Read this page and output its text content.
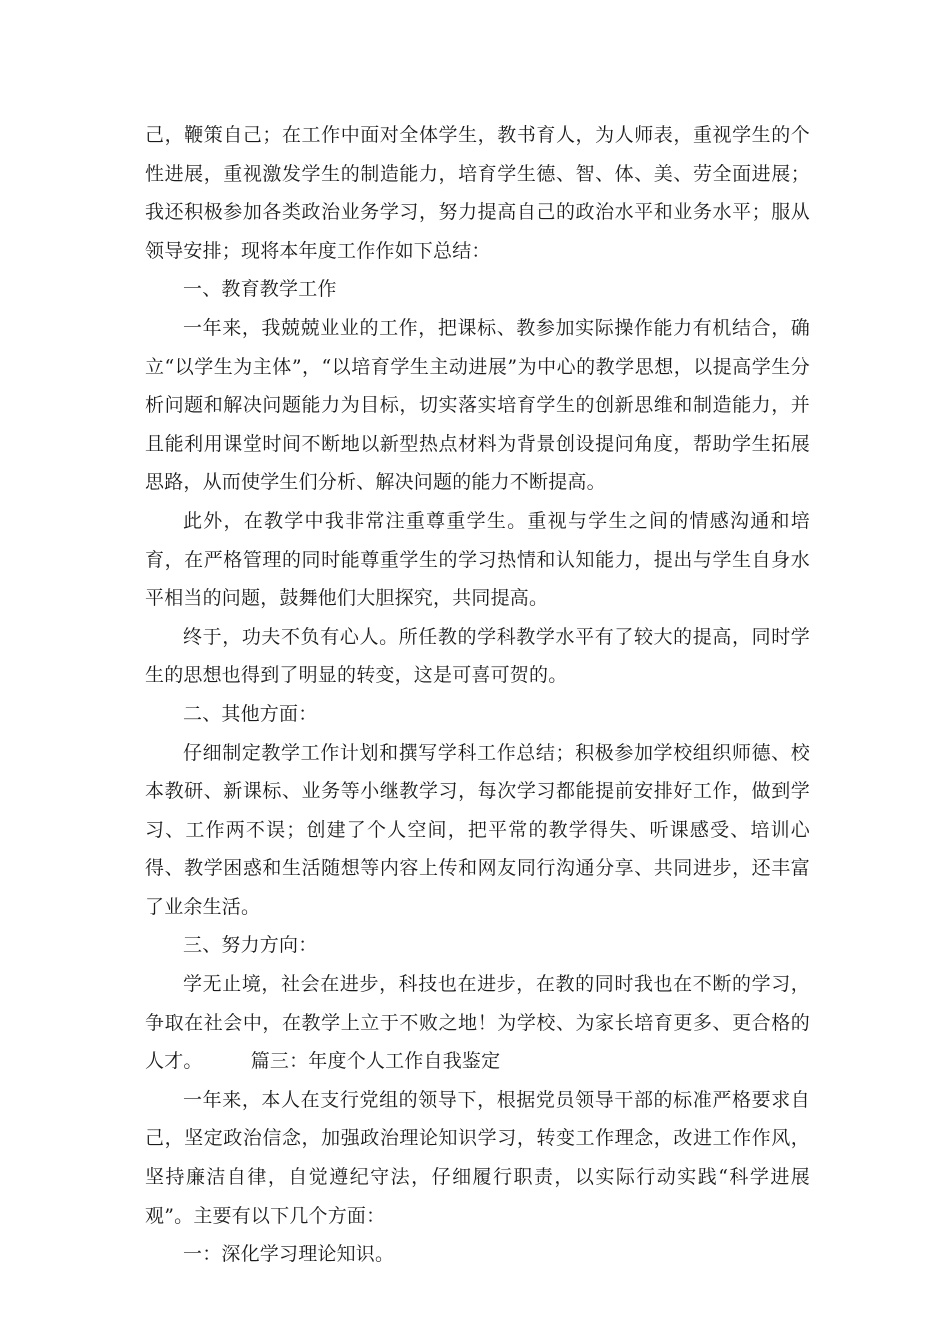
己，鞭策自己；在工作中面对全体学生，教书育人，为人师表，重视学生的个性进展，重视激发学生的制造能力，培育学生德、智、体、美、劳全面进展；我还积极参加各类政治业务学习，努力提高自己的政治水平和业务水平；服从领导安排；现将本年度工作作如下总结：

一、教育教学工作

一年来，我兢兢业业的工作，把课标、教参加实际操作能力有机结合，确立“以学生为主体”，“以培育学生主动进展”为中心的教学思想，以提高学生分析问题和解决问题能力为目标，切实落实培育学生的创新思维和制造能力，并且能利用课堂时间不断地以新型热点材料为背景创设提问角度，帮助学生拓展思路，从而使学生们分析、解决问题的能力不断提高。

此外，在教学中我非常注重尊重学生。重视与学生之间的情感沟通和培育，在严格管理的同时能尊重学生的学习热情和认知能力，提出与学生自身水平相当的问题，鼓舞他们大胆探究，共同提高。

终于，功夫不负有心人。所任教的学科教学水平有了较大的提高，同时学生的思想也得到了明显的转变，这是可喜可贺的。

二、其他方面：

仔细制定教学工作计划和撰写学科工作总结；积极参加学校组织师德、校本教研、新课标、业务等小继教学习，每次学习都能提前安排好工作，做到学习、工作两不误；创建了个人空间，把平常的教学得失、听课感受、培训心得、教学困惑和生活随想等内容上传和网友同行沟通分享、共同进步，还丰富了业余生活。

三、努力方向：

学无止境，社会在进步，科技也在进步，在教的同时我也在不断的学习，争取在社会中，在教学上立于不败之地！为学校、为家长培育更多、更合格的人才。　　　篇三：年度个人工作自我鉴定

一年来，本人在支行党组的领导下，根据党员领导干部的标准严格要求自己，坚定政治信念，加强政治理论知识学习，转变工作理念，改进工作作风，坚持廉洁自律，自觉遵纪守法，仔细履行职责，以实际行动实践“科学进展观”。主要有以下几个方面：

一：深化学习理论知识。
